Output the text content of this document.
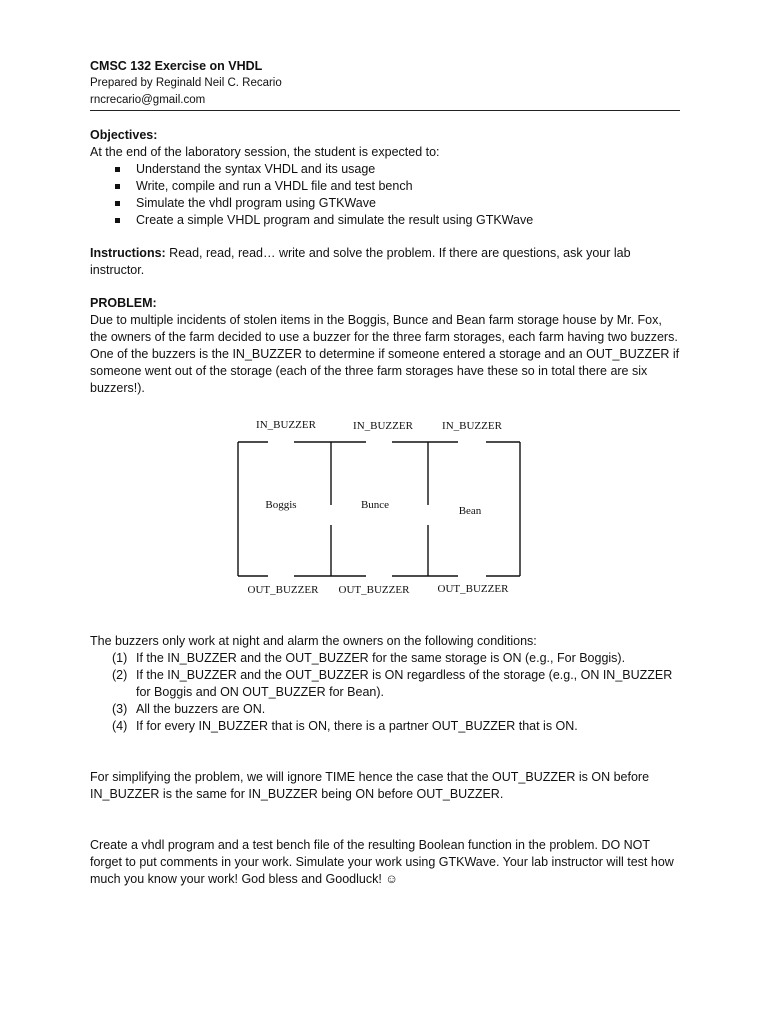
CMSC 132 Exercise on VHDL
Prepared by Reginald Neil C. Recario
rncrecario@gmail.com
Objectives:

At the end of the laboratory session, the student is expected to:

Understand the syntax VHDL and its usage
Write, compile and run a VHDL file and test bench
Simulate the vhdl program using GTKWave
Create a simple VHDL program and simulate the result using GTKWave

Instructions: Read, read, read… write and solve the problem. If there are questions, ask your lab instructor.

PROBLEM:

Due to multiple incidents of stolen items in the Boggis, Bunce and Bean farm storage house by Mr. Fox, the owners of the farm decided to use a buzzer for the three farm storages, each farm having two buzzers. One of the buzzers is the IN_BUZZER to determine if someone entered a storage and an OUT_BUZZER if someone went out of the storage (each of the three farm storages have these so in total there are six buzzers!).

IN_BUZZER	IN_BUZZER	IN_BUZZER
Boggis	Bunce	Bean
OUT_BUZZER OUT_BUZZER	OUT_BUZZER

The buzzers only work at night and alarm the owners on the following conditions:

(1) If the IN_BUZZER and the OUT_BUZZER for the same storage is ON (e.g., For Boggis).
(2) If the IN_BUZZER and the OUT_BUZZER is ON regardless of the storage (e.g., ON IN_BUZZER for Boggis and ON OUT_BUZZER for Bean).
(3) All the buzzers are ON.
(4) If for every IN_BUZZER that is ON, there is a partner OUT_BUZZER that is ON.

For simplifying the problem, we will ignore TIME hence the case that the OUT_BUZZER is ON before IN_BUZZER is the same for IN_BUZZER being ON before OUT_BUZZER.

Create a vhdl program and a test bench file of the resulting Boolean function in the problem. DO NOT forget to put comments in your work. Simulate your work using GTKWave. Your lab instructor will test how much you know your work! God bless and Goodluck! ☺
